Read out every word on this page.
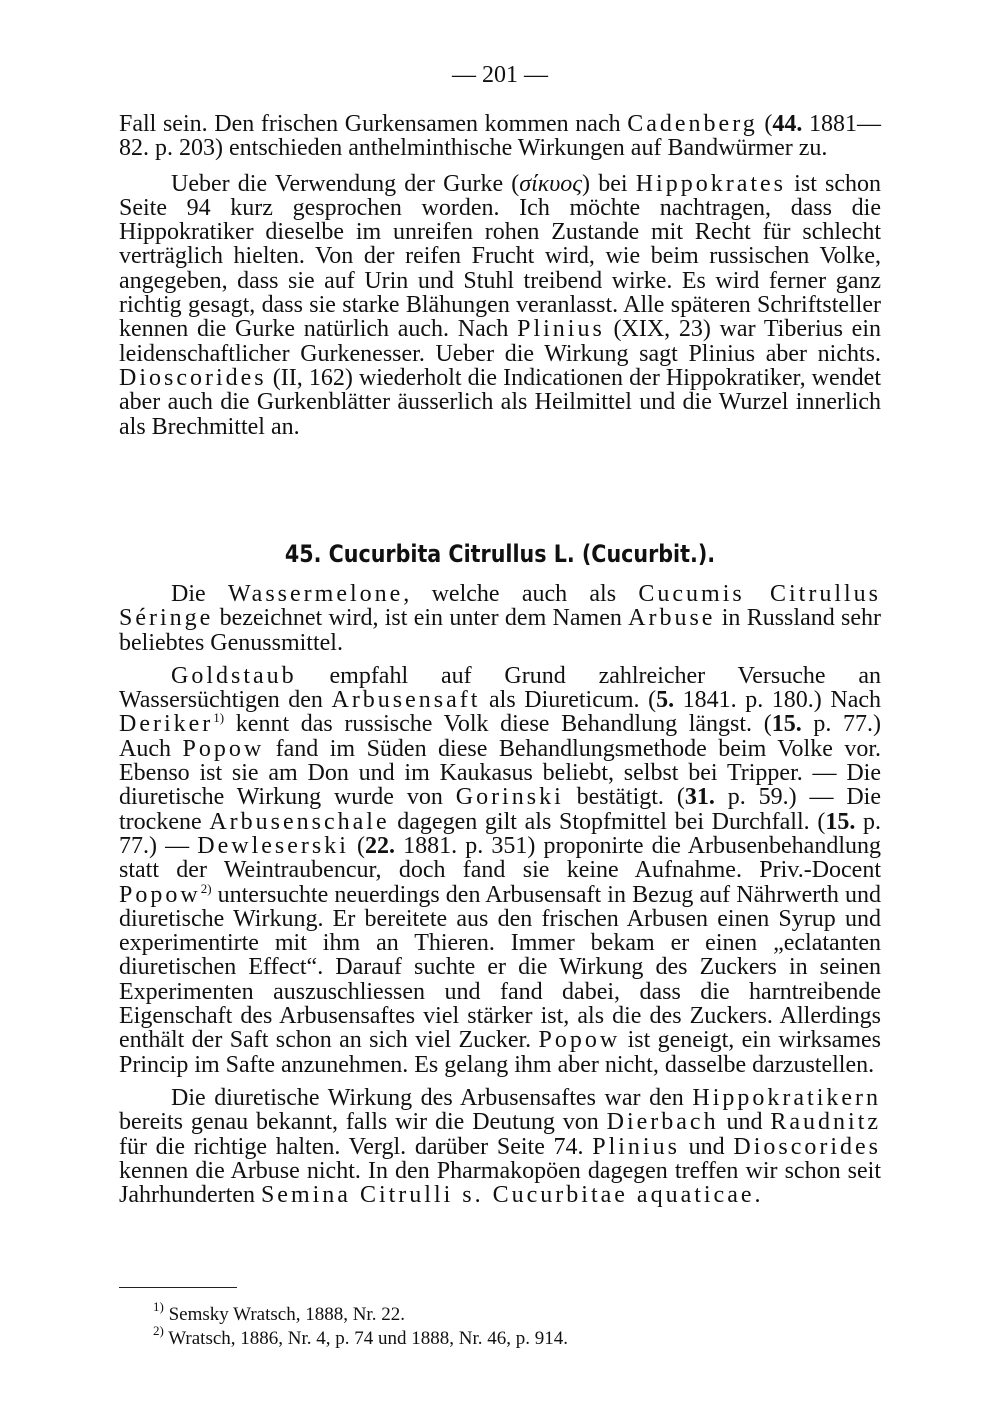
— 201 —

Fall sein. Den frischen Gurkensamen kommen nach Cadenberg (44. 1881—82. p. 203) entschieden anthelminthische Wirkungen auf Bandwürmer zu.

Ueber die Verwendung der Gurke (σίκυος) bei Hippokrates ist schon Seite 94 kurz gesprochen worden. Ich möchte nachtragen, dass die Hippokratiker dieselbe im unreifen rohen Zustande mit Recht für schlecht verträglich hielten. Von der reifen Frucht wird, wie beim russischen Volke, angegeben, dass sie auf Urin und Stuhl treibend wirke. Es wird ferner ganz richtig gesagt, dass sie starke Blähungen veranlasst. Alle späteren Schriftsteller kennen die Gurke natürlich auch. Nach Plinius (XIX, 23) war Tiberius ein leidenschaftlicher Gurkenesser. Ueber die Wirkung sagt Plinius aber nichts. Dioscorides (II, 162) wiederholt die Indicationen der Hippokratiker, wendet aber auch die Gurkenblätter äusserlich als Heilmittel und die Wurzel innerlich als Brechmittel an.

45. Cucurbita Citrullus L. (Cucurbit.).

Die Wassermelone, welche auch als Cucumis Citrullus Séringe bezeichnet wird, ist ein unter dem Namen Arbuse in Russland sehr beliebtes Genussmittel.

Goldstaub empfahl auf Grund zahlreicher Versuche an Wassersüchtigen den Arbusensaft als Diureticum. (5. 1841. p. 180.) Nach Deriker$^{1)}$ kennt das russische Volk diese Behandlung längst. (15. p. 77.) Auch Popow fand im Süden diese Behandlungsmethode beim Volke vor. Ebenso ist sie am Don und im Kaukasus beliebt, selbst bei Tripper. — Die diuretische Wirkung wurde von Gorinski bestätigt. (31. p. 59.) — Die trockene Arbusenschale dagegen gilt als Stopfmittel bei Durchfall. (15. p. 77.) — Dewleserski (22. 1881. p. 351) proponirte die Arbusenbehandlung statt der Weintraubencur, doch fand sie keine Aufnahme. Priv.-Docent Popow$^{2)}$ untersuchte neuerdings den Arbusensaft in Bezug auf Nährwerth und diuretische Wirkung. Er bereitete aus den frischen Arbusen einen Syrup und experimentirte mit ihm an Thieren. Immer bekam er einen „eclatanten diuretischen Effect“. Darauf suchte er die Wirkung des Zuckers in seinen Experimenten auszuschliessen und fand dabei, dass die harntreibende Eigenschaft des Arbusensaftes viel stärker ist, als die des Zuckers. Allerdings enthält der Saft schon an sich viel Zucker. Popow ist geneigt, ein wirksames Princip im Safte anzunehmen. Es gelang ihm aber nicht, dasselbe darzustellen.

Die diuretische Wirkung des Arbusensaftes war den Hippokratikern bereits genau bekannt, falls wir die Deutung von Dierbach und Raudnitz für die richtige halten. Vergl. darüber Seite 74. Plinius und Dioscorides kennen die Arbuse nicht. In den Pharmakopöen dagegen treffen wir schon seit Jahrhunderten Semina Citrulli s. Cucurbitae aquaticae.

$^{1)}$ Semsky Wratsch, 1888, Nr. 22.
$^{2)}$ Wratsch, 1886, Nr. 4, p. 74 und 1888, Nr. 46, p. 914.
